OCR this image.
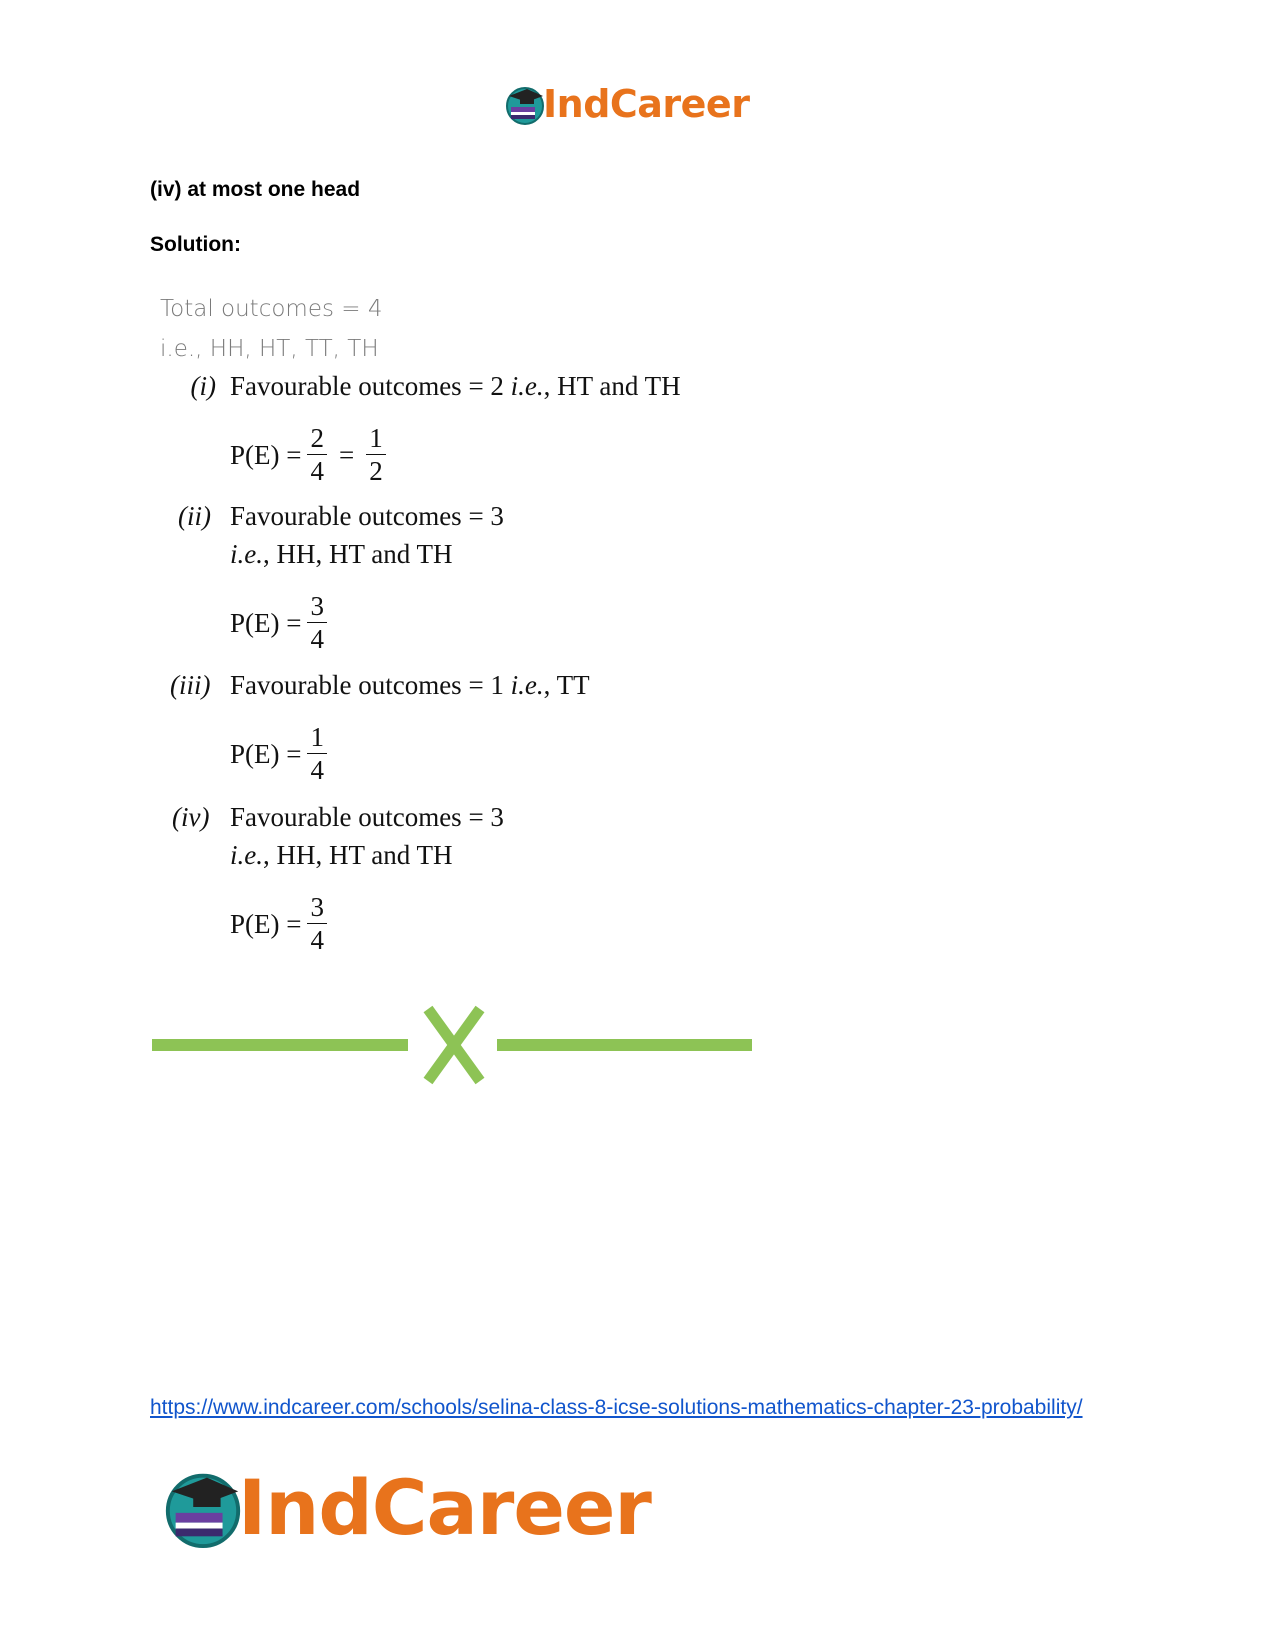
IndCareer
(iv) at most one head
Solution:
Total outcomes = 4
i.e., HH, HT, TT, TH
(i) Favourable outcomes = 2 i.e., HT and TH
$P(E) = \frac{2}{4} = \frac{1}{2}$
(ii) Favourable outcomes = 3
i.e., HH, HT and TH
$P(E) = \frac{3}{4}$
(iii) Favourable outcomes = 1 i.e., TT
$P(E) = \frac{1}{4}$
(iv) Favourable outcomes = 3
i.e., HH, HT and TH
$P(E) = \frac{3}{4}$
https://www.indcareer.com/schools/selina-class-8-icse-solutions-mathematics-chapter-23-probability/
IndCareer
